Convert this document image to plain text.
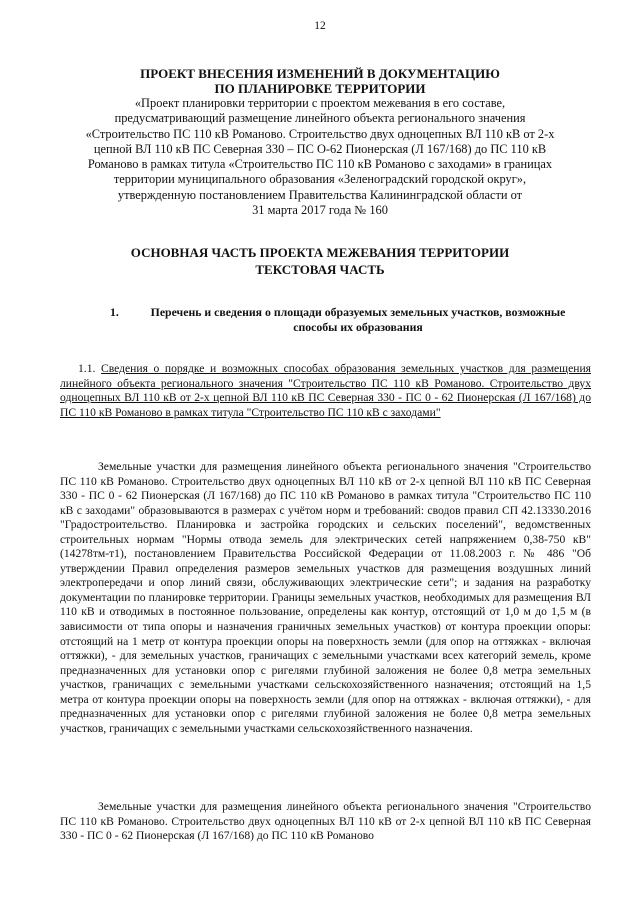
12

ПРОЕКТ ВНЕСЕНИЯ ИЗМЕНЕНИЙ В ДОКУМЕНТАЦИЮ
ПО ПЛАНИРОВКЕ ТЕРРИТОРИИ

«Проект планировки территории с проектом межевания в его составе,
предусматривающий размещение линейного объекта регионального значения
«Строительство ПС 110 кВ Романово. Строительство двух одноцепных ВЛ 110 кВ от 2-х
цепной ВЛ 110 кВ ПС Северная 330 – ПС О-62 Пионерская (Л 167/168) до ПС 110 кВ
Романово в рамках титула «Строительство ПС 110 кВ Романово с заходами» в границах
территории муниципального образования «Зеленоградский городской округ»,
утвержденную постановлением Правительства Калининградской области от
31 марта 2017 года № 160

ОСНОВНАЯ ЧАСТЬ ПРОЕКТА МЕЖЕВАНИЯ ТЕРРИТОРИИ
ТЕКСТОВАЯ ЧАСТЬ
1.	Перечень и сведения о площади образуемых земельных участков, возможные
способы их образования
1.1. Сведения о порядке и возможных способах образования земельных участков для размещения линейного объекта регионального значения "Строительство ПС 110 кВ Романово. Строительство двух одноцепных ВЛ 110 кВ от 2-х цепной ВЛ 110 кВ ПС Северная 330 - ПС 0 - 62 Пионерская (Л 167/168) до ПС 110 кВ Романово в рамках титула "Строительство ПС 110 кВ с заходами"

Земельные участки для размещения линейного объекта регионального значения "Строительство ПС 110 кВ Романово. Строительство двух одноцепных ВЛ 110 кВ от 2-х цепной ВЛ 110 кВ ПС Северная 330 - ПС 0 - 62 Пионерская (Л 167/168) до ПС 110 кВ Романово в рамках титула "Строительство ПС 110 кВ с заходами" образовываются в размерах с учётом норм и требований: сводов правил СП 42.13330.2016 "Градостроительство. Планировка и застройка городских и сельских поселений", ведомственных строительных нормам "Нормы отвода земель для электрических сетей напряжением 0,38-750 кВ" (14278тм-т1), постановлением Правительства Российской Федерации от 11.08.2003 г. № 486 "Об утверждении Правил определения размеров земельных участков для размещения воздушных линий электропередачи и опор линий связи, обслуживающих электрические сети"; и задания на разработку документации по планировке территории. Границы земельных участков, необходимых для размещения ВЛ 110 кВ и отводимых в постоянное пользование, определены как контур, отстоящий от 1,0 м до 1,5 м (в зависимости от типа опоры и назначения граничных земельных участков) от контура проекции опоры: отстоящий на 1 метр от контура проекции опоры на поверхность земли (для опор на оттяжках - включая оттяжки), - для земельных участков, граничащих с земельными участками всех категорий земель, кроме предназначенных для установки опор с ригелями глубиной заложения не более 0,8 метра земельных участков, граничащих с земельными участками сельскохозяйственного назначения; отстоящий на 1,5 метра от контура проекции опоры на поверхность земли (для опор на оттяжках - включая оттяжки), - для предназначенных для установки опор с ригелями глубиной заложения не более 0,8 метра земельных участков, граничащих с земельными участками сельскохозяйственного назначения.

Земельные участки для размещения линейного объекта регионального значения "Строительство ПС 110 кВ Романово. Строительство двух одноцепных ВЛ 110 кВ от 2-х цепной ВЛ 110 кВ ПС Северная 330 - ПС 0 - 62 Пионерская (Л 167/168) до ПС 110 кВ Романово
